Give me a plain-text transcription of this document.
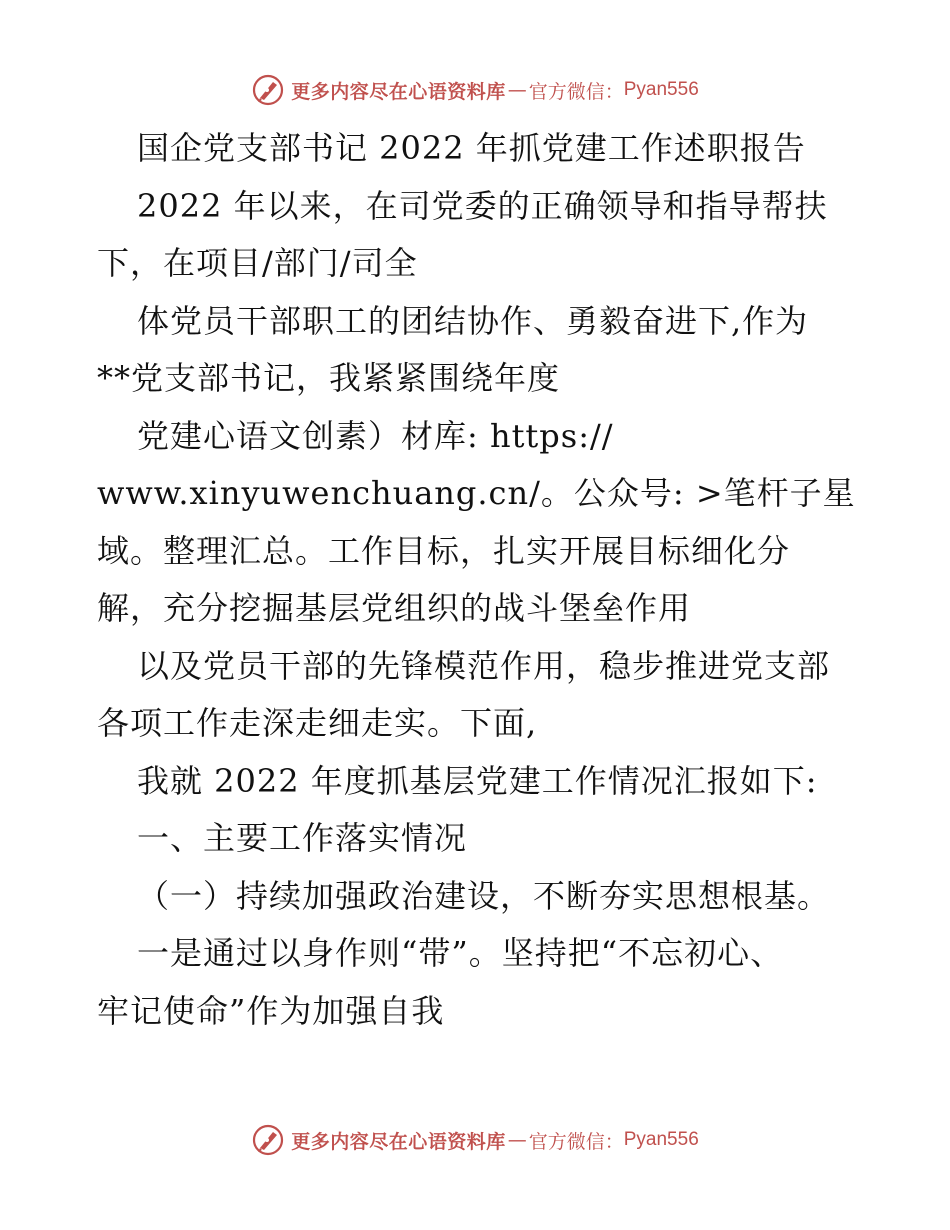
更多内容尽在心语资料库 — 官方微信： Pyan556
国企党支部书记 2022 年抓党建工作述职报告
2022 年以来，在司党委的正确领导和指导帮扶
下，在项目/部门/司全
体党员干部职工的团结协作、勇毅奋进下,作为
**党支部书记，我紧紧围绕年度
党建心语文创素）材库: https://
www.xinyuwenchuang.cn/。公众号: >笔杆子星
域。整理汇总。工作目标，扎实开展目标细化分
解，充分挖掘基层党组织的战斗堡垒作用
以及党员干部的先锋模范作用，稳步推进党支部
各项工作走深走细走实。下面,
我就 2022 年度抓基层党建工作情况汇报如下:
一、主要工作落实情况
（一）持续加强政治建设，不断夯实思想根基。
一是通过以身作则“带”。坚持把“不忘初心、
牢记使命”作为加强自我
更多内容尽在心语资料库 — 官方微信： Pyan556
